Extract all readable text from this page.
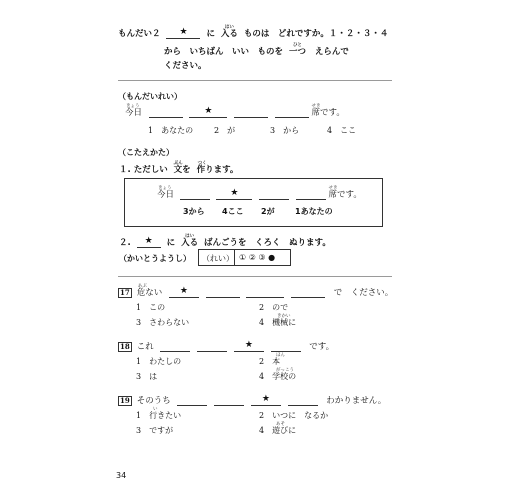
もんだい２	★	に
はい
入る ものは　どれですか。１・２・３・４
から　いちばん　いい　ものを
ひと
一つ えらんで
ください。
（もんだいれい）
きょう
今日	★
	せき
席です。
1　あなたの	2　が	3　から	4　ここ
（こたえかた）
１. ただしい
ぶん
文を
つく
作ります。
きょう
今日	★
	せき
席です。
3から 4ここ 2が	1あなたの
２.	★	に
はい
入る ばんごうを　くろく　ぬります。
（かいとうようし） （れい） ① ② ③ ●
17
あぶ
危ない	★	で　ください。
1　この	2　ので
3　さわらない
きかい
4　機械に
18 これ	★	です。
1　わたしの
ほん
2　本
3　は
がっこう
4　学校の
19 そのうち	★	わかりません。
い
1　行きたい	2　いつに　なるか
3　ですが
あそ
4　遊びに
34
